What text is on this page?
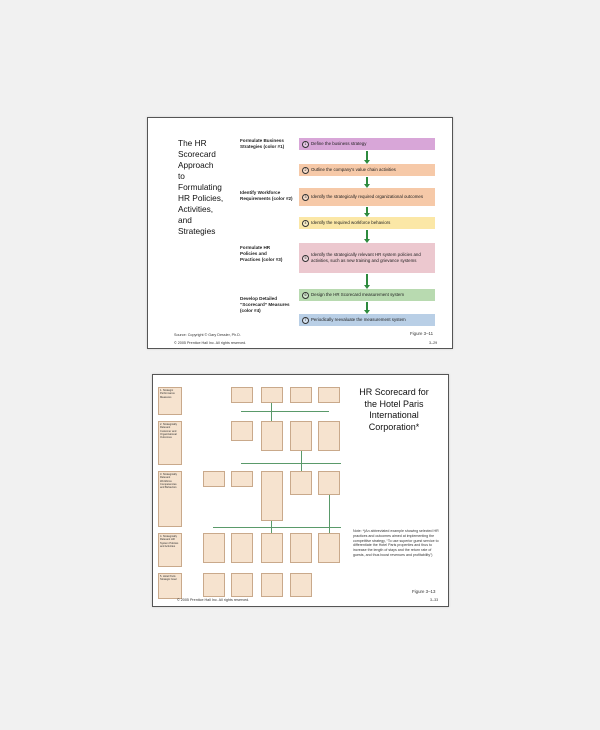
The HR
Scorecard
Approach
to
Formulating
HR Policies,
Activities,
and
Strategies
Formulate Business
Strategies (color #1)
Identify Workforce
Requirements (color #2)
Formulate HR
Policies and
Practices (color #3)
Develop Detailed
“Scorecard” Measures
(color #4)
1	Define the business strategy
2	Outline the company’s value chain activities
3	Identify the strategically required organizational outcomes
4	Identify the required workforce behaviors
5
Identify the strategically relevant HR system policies and activities, such as new training and grievance systems
6	Design the HR Scorecard measurement system
7	Periodically reevaluate the measurement system
Source: Copyright © Gary Dessler, Ph.D.
© 2005 Prentice Hall Inc. All rights reserved.
Figure 3–11
3–29
1. Strategic Performance Measures
2. Strategically Relevant Customer and Organizational Outcomes
3. Strategically Relevant Workforce Competencies and Behaviors
4. Strategically Relevant HR System Policies and Activities
5. Hotel Paris Strategic Goal
HR Scorecard for
the Hotel Paris
International
Corporation*
Note: *(An abbreviated example showing selected HR practices and outcomes aimed at implementing the competitive strategy, “To use superior guest service to differentiate the Hotel Paris properties and thus to increase the length of stays and the return rate of guests, and thus boost revenues and profitability”)
Figure 3–13
© 2005 Prentice Hall Inc. All rights reserved.	3–33
